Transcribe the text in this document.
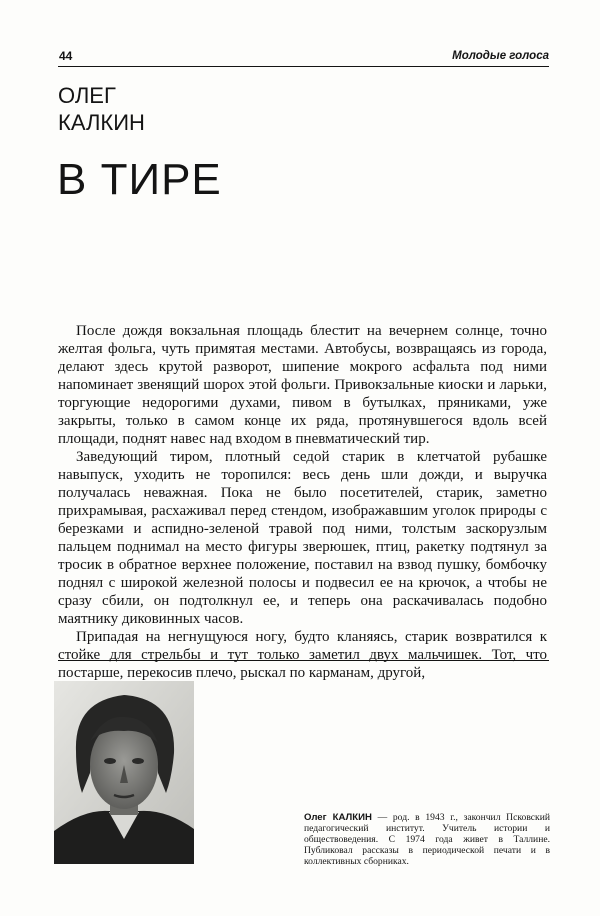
44	Молодые голоса
ОЛЕГ
КАЛКИН
В ТИРЕ

После дождя вокзальная площадь блестит на вечернем солнце, точно желтая фольга, чуть примятая местами. Автобусы, возвращаясь из города, делают здесь крутой разворот, шипение мокрого асфальта под ними напоминает звенящий шорох этой фольги. Привокзальные киоски и ларьки, торгующие недорогими духами, пивом в бутылках, пряниками, уже закрыты, только в самом конце их ряда, протянувшегося вдоль всей площади, поднят навес над входом в пневматический тир.

Заведующий тиром, плотный седой старик в клетчатой рубашке навыпуск, уходить не торопился: весь день шли дожди, и выручка получалась неважная. Пока не было посетителей, старик, заметно прихрамывая, расхаживал перед стендом, изображавшим уголок природы с березками и аспидно-зеленой травой под ними, толстым заскорузлым пальцем поднимал на место фигуры зверюшек, птиц, ракетку подтянул за тросик в обратное верхнее положение, поставил на взвод пушку, бомбочку поднял с широкой железной полосы и подвесил ее на крючок, а чтобы не сразу сбили, он подтолкнул ее, и теперь она раскачивалась подобно маятнику диковинных часов.

Припадая на негнущуюся ногу, будто кланяясь, старик возвратился к стойке для стрельбы и тут только заметил двух мальчишек. Тот, что постарше, перекосив плечо, рыскал по карманам, другой,

Олег КАЛКИН — род. в 1943 г., закончил Псковский педагогический институт. Учитель истории и обществоведения. С 1974 года живет в Таллине. Публиковал рассказы в периодической печати и в коллективных сборниках.
